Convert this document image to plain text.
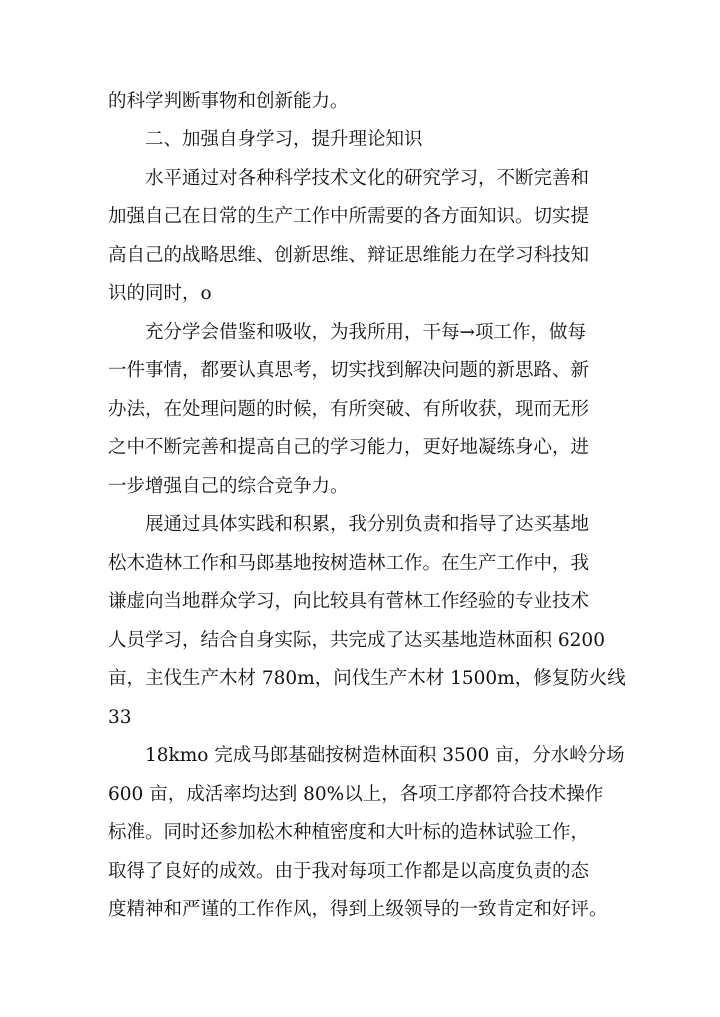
的科学判断事物和创新能力。
二、加强自身学习，提升理论知识
水平通过对各种科学技术文化的研究学习，不断完善和
加强自己在日常的生产工作中所需要的各方面知识。切实提
高自己的战略思维、创新思维、辩证思维能力在学习科技知
识的同时，o
充分学会借鉴和吸收，为我所用，干每→项工作，做每
一件事情，都要认真思考，切实找到解决问题的新思路、新
办法，在处理问题的时候，有所突破、有所收获，现而无形
之中不断完善和提高自己的学习能力，更好地凝练身心，进
一步增强自己的综合竞争力。
展通过具体实践和积累，我分别负责和指导了达买基地
松木造林工作和马郎基地按树造林工作。在生产工作中，我
谦虚向当地群众学习，向比较具有菅林工作经验的专业技术
人员学习，结合自身实际，共完成了达买基地造林面积 6200
亩，主伐生产木材 780m，问伐生产木材 1500m，修复防火线
33
18kmo 完成马郎基础按树造林面积 3500 亩，分水岭分场
600 亩，成活率均达到 80%以上，各项工序都符合技术操作
标准。同时还参加松木种植密度和大叶标的造林试验工作，
取得了良好的成效。由于我对每项工作都是以高度负责的态
度精神和严谨的工作作风，得到上级领导的一致肯定和好评。
